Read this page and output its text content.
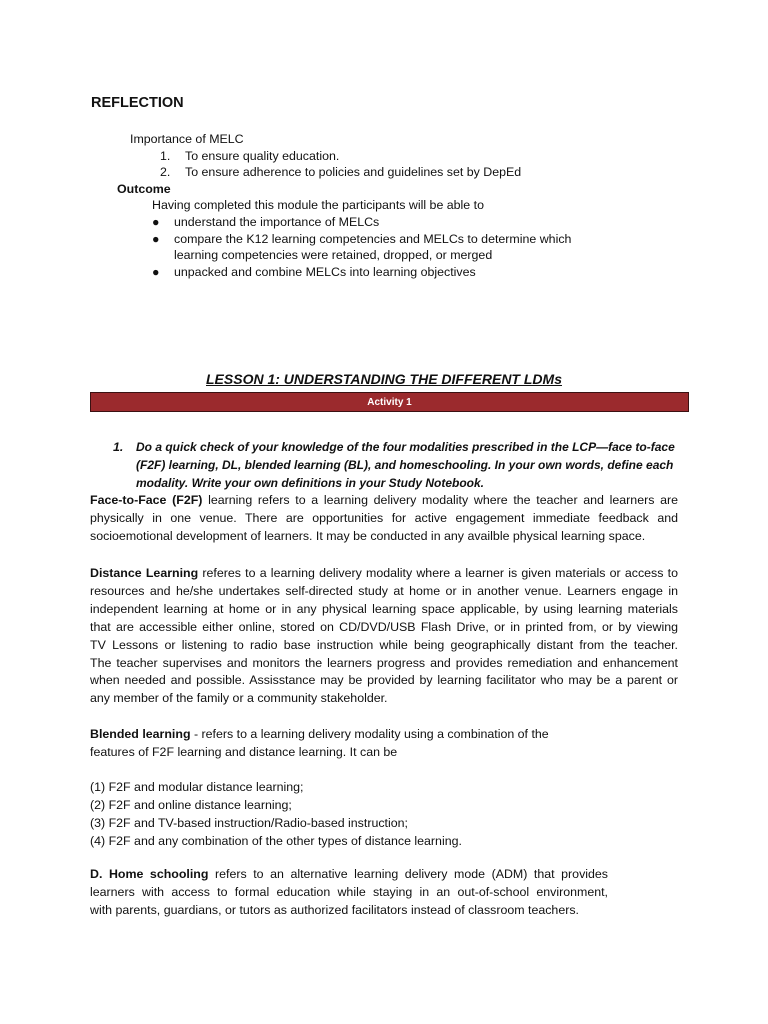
REFLECTION
Importance of MELC
1. To ensure quality education.
2. To ensure adherence to policies and guidelines set by DepEd
Outcome
Having completed this module the participants will be able to
● understand the importance of MELCs
● compare the K12 learning competencies and MELCs to determine which
learning competencies were retained, dropped, or merged
● unpacked and combine MELCs into learning objectives
LESSON 1: UNDERSTANDING THE DIFFERENT LDMs
Activity 1
1. Do a quick check of your knowledge of the four modalities prescribed in the LCP—face to-face
(F2F) learning, DL, blended learning (BL), and homeschooling. In your own words, define each
modality. Write your own definitions in your Study Notebook.
Face-to-Face (F2F) learning refers to a learning delivery modality where the teacher and learners are
physically in one venue. There are opportunities for active engagement immediate feedback and
socioemotional development of learners. It may be conducted in any availble physical learning space.
Distance Learning referes to a learning delivery modality where a learner is given materials or access to
resources and he/she undertakes self-directed study at home or in another venue. Learners engage in
independent learning at home or in any physical learning space applicable, by using learning materials
that are accessible either online, stored on CD/DVD/USB Flash Drive, or in printed from, or by viewing
TV Lessons or listening to radio base instruction while being geographically distant from the teacher.
The teacher supervises and monitors the learners progress and provides remediation and enhancement
when needed and possible. Assisstance may be provided by learning facilitator who may be a parent or
any member of the family or a community stakeholder.
Blended learning - refers to a learning delivery modality using a combination of the
features of F2F learning and distance learning. It can be
(1) F2F and modular distance learning;
(2) F2F and online distance learning;
(3) F2F and TV-based instruction/Radio-based instruction;
(4) F2F and any combination of the other types of distance learning.
D. Home schooling refers to an alternative learning delivery mode (ADM) that provides
learners with access to formal education while staying in an out-of-school environment,
with parents, guardians, or tutors as authorized facilitators instead of classroom teachers.
